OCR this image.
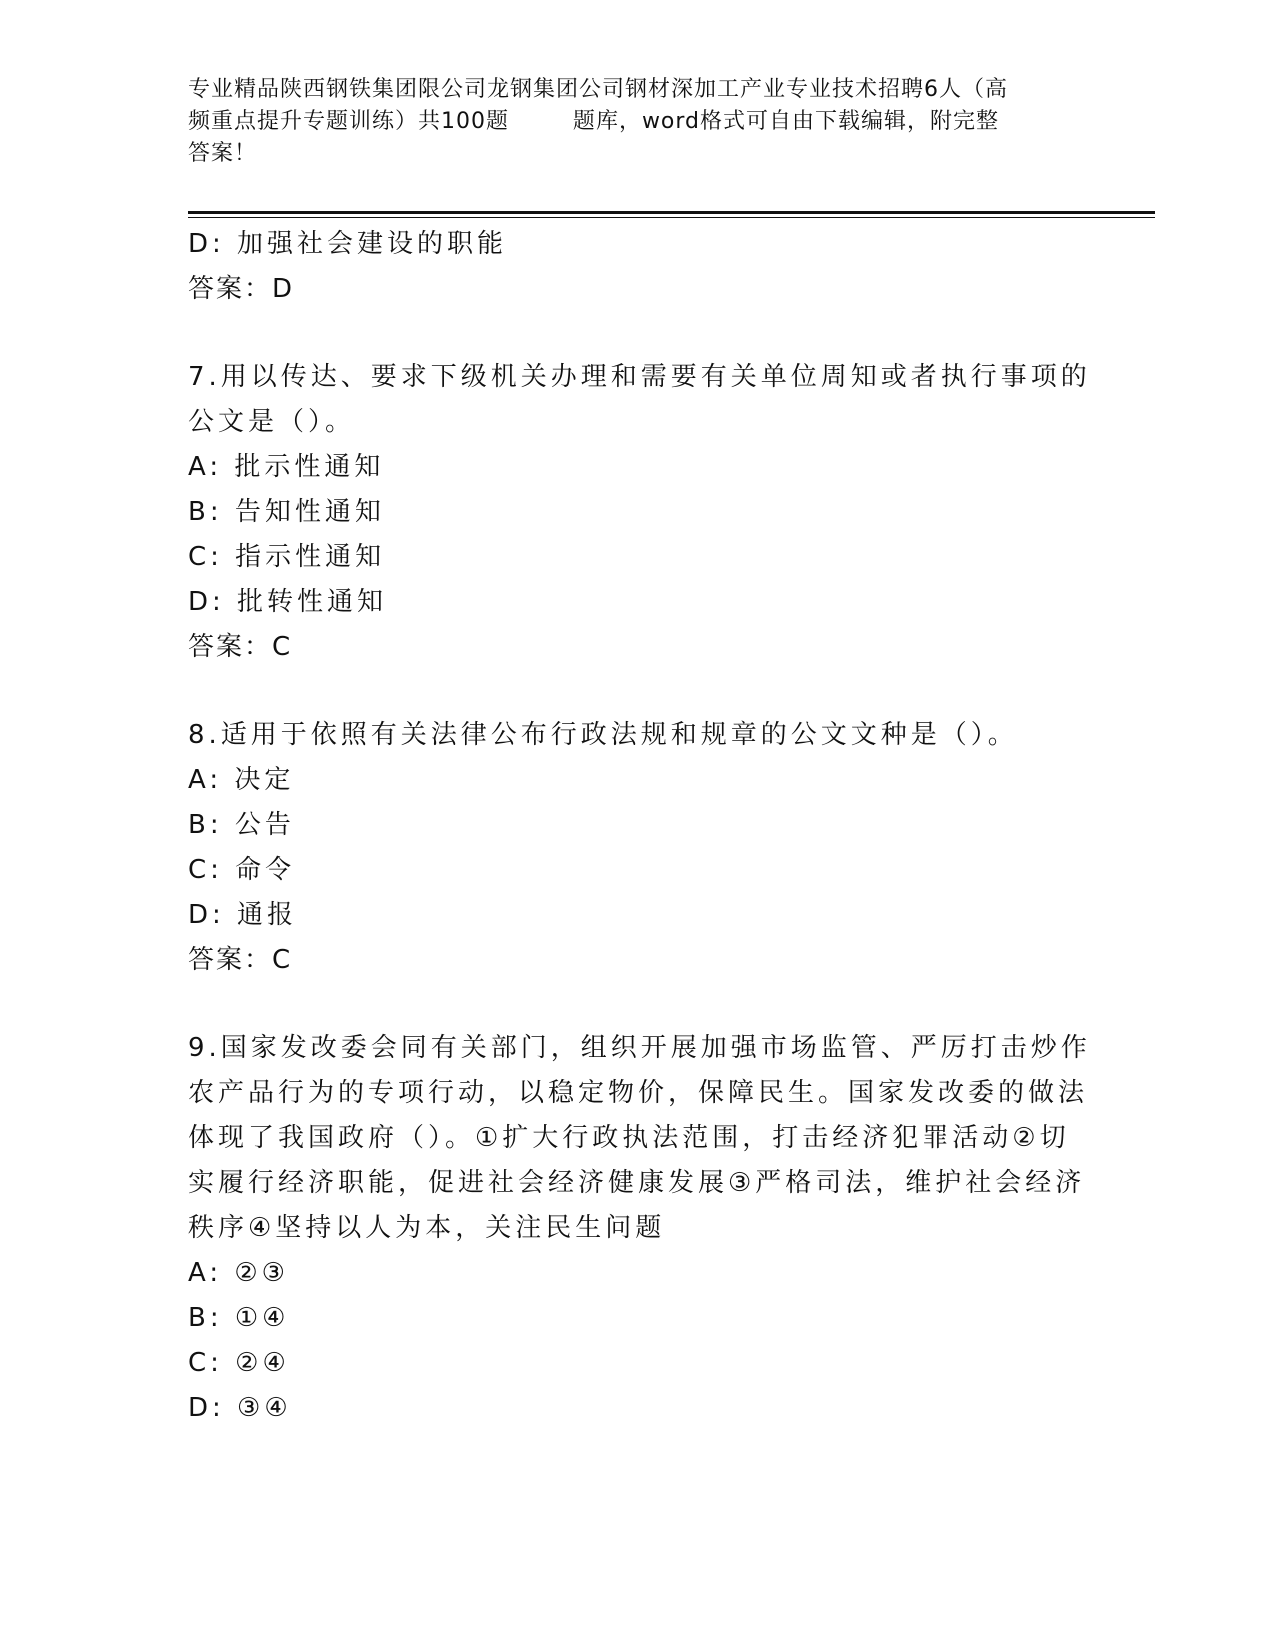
专业精品陕西钢铁集团限公司龙钢集团公司钢材深加工产业专业技术招聘6人（高
频重点提升专题训练）共100题        题库，word格式可自由下载编辑，附完整
答案！
D: 加强社会建设的职能
答案：D
7.用以传达、要求下级机关办理和需要有关单位周知或者执行事项的
公文是（）。
A: 批示性通知
B: 告知性通知
C: 指示性通知
D: 批转性通知
答案：C
8.适用于依照有关法律公布行政法规和规章的公文文种是（）。
A: 决定
B: 公告
C: 命令
D: 通报
答案：C
9.国家发改委会同有关部门，组织开展加强市场监管、严厉打击炒作
农产品行为的专项行动，以稳定物价，保障民生。国家发改委的做法
体现了我国政府（）。①扩大行政执法范围，打击经济犯罪活动②切
实履行经济职能，促进社会经济健康发展③严格司法，维护社会经济
秩序④坚持以人为本，关注民生问题
A: ②③
B: ①④
C: ②④
D: ③④
